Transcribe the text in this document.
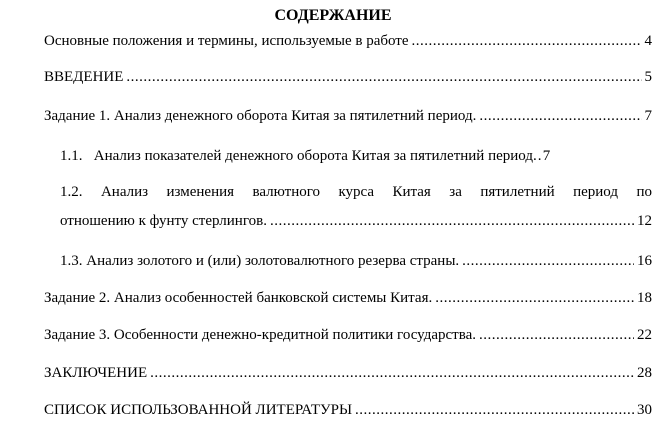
СОДЕРЖАНИЕ
Основные положения и термины, используемые в работе .....	4
ВВЕДЕНИЕ .....	5
Задание 1. Анализ денежного оборота Китая за пятилетний период. .....	7
1.1.   Анализ показателей денежного оборота Китая за пятилетний период. ..... 7
1.2. Анализ изменения валютного курса Китая за пятилетний период по
отношению к фунту стерлингов. .....	12
1.3. Анализ золотого и (или) золотовалютного резерва страны. .....	16
Задание 2. Анализ особенностей банковской системы Китая. .....	18
Задание 3. Особенности денежно-кредитной политики государства. .....	22
ЗАКЛЮЧЕНИЕ .....	28
СПИСОК ИСПОЛЬЗОВАННОЙ ЛИТЕРАТУРЫ .....	30
